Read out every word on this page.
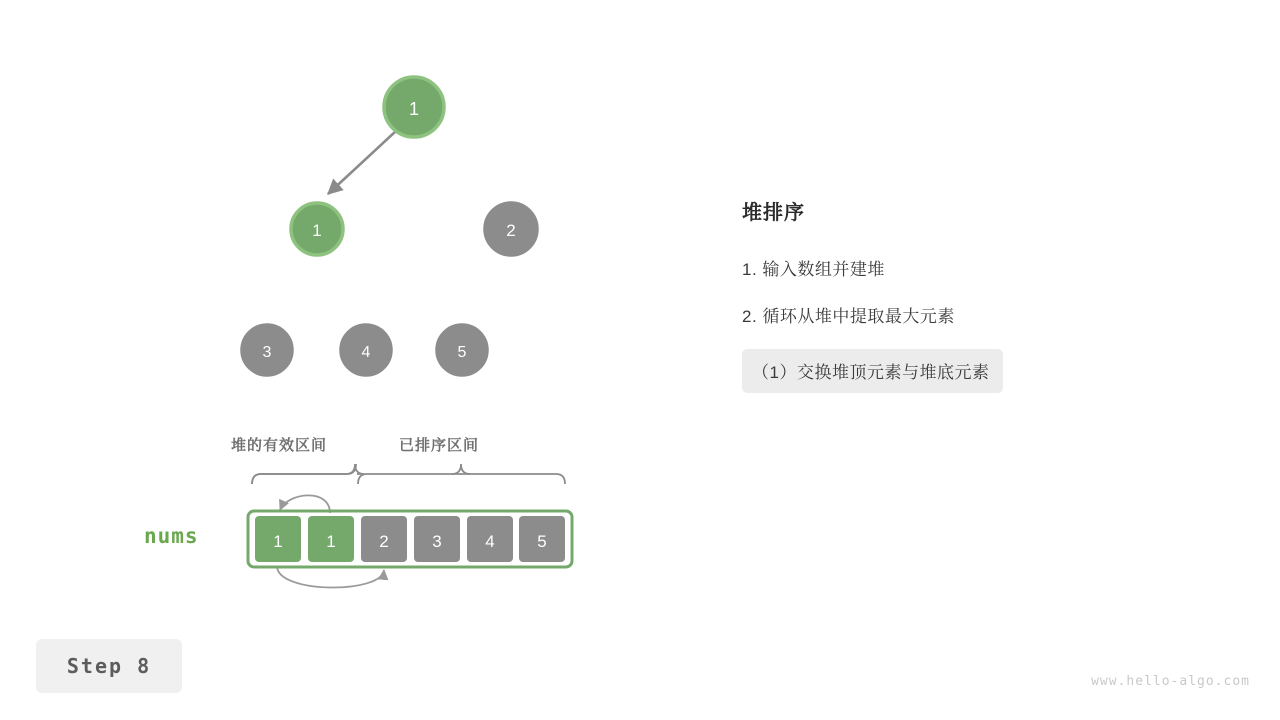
1
1	2
3	4	5
1	1	2	3	4	5
nums
堆的有效区间	已排序区间
堆排序
1. 输入数组并建堆
2. 循环从堆中提取最大元素
（1）交换堆顶元素与堆底元素
Step 8
www.hello-algo.com
